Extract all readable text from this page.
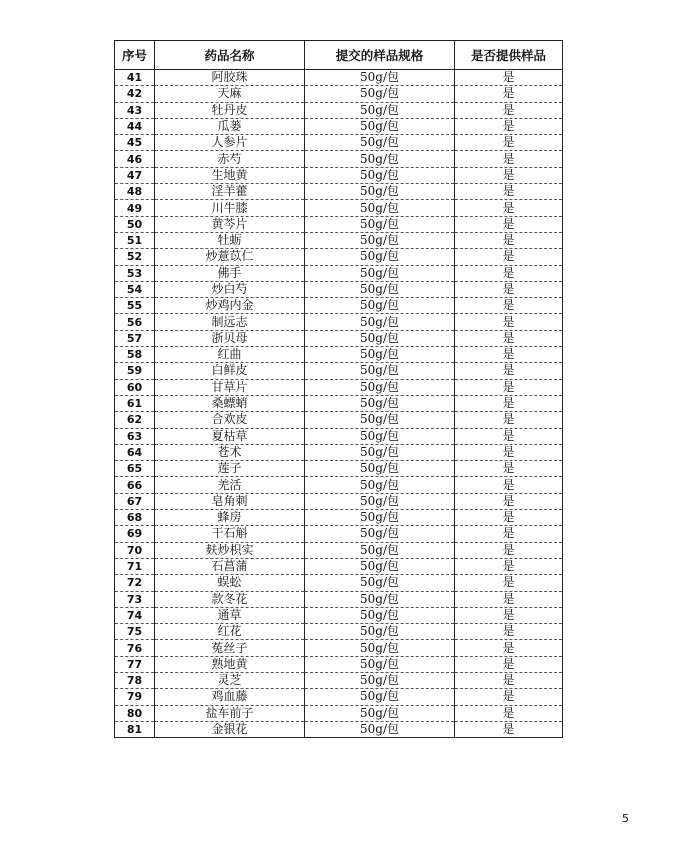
序号	药品名称	提交的样品规格	是否提供样品
41	阿胶珠	50g/包	是
42	天麻	50g/包	是
43	牡丹皮	50g/包	是
44	瓜蒌	50g/包	是
45	人参片	50g/包	是
46	赤芍	50g/包	是
47	生地黄	50g/包	是
48	淫羊藿	50g/包	是
49	川牛膝	50g/包	是
50	黄芩片	50g/包	是
51	牡蛎	50g/包	是
52	炒薏苡仁	50g/包	是
53	佛手	50g/包	是
54	炒白芍	50g/包	是
55	炒鸡内金	50g/包	是
56	制远志	50g/包	是
57	浙贝母	50g/包	是
58	红曲	50g/包	是
59	白鲜皮	50g/包	是
60	甘草片	50g/包	是
61	桑螵蛸	50g/包	是
62	合欢皮	50g/包	是
63	夏枯草	50g/包	是
64	苍术	50g/包	是
65	莲子	50g/包	是
66	羌活	50g/包	是
67	皂角刺	50g/包	是
68	蜂房	50g/包	是
69	干石斛	50g/包	是
70	麸炒枳实	50g/包	是
71	石菖蒲	50g/包	是
72	蜈蚣	50g/包	是
73	款冬花	50g/包	是
74	通草	50g/包	是
75	红花	50g/包	是
76	菟丝子	50g/包	是
77	熟地黄	50g/包	是
78	灵芝	50g/包	是
79	鸡血藤	50g/包	是
80	盐车前子	50g/包	是
81	金银花	50g/包	是
5
